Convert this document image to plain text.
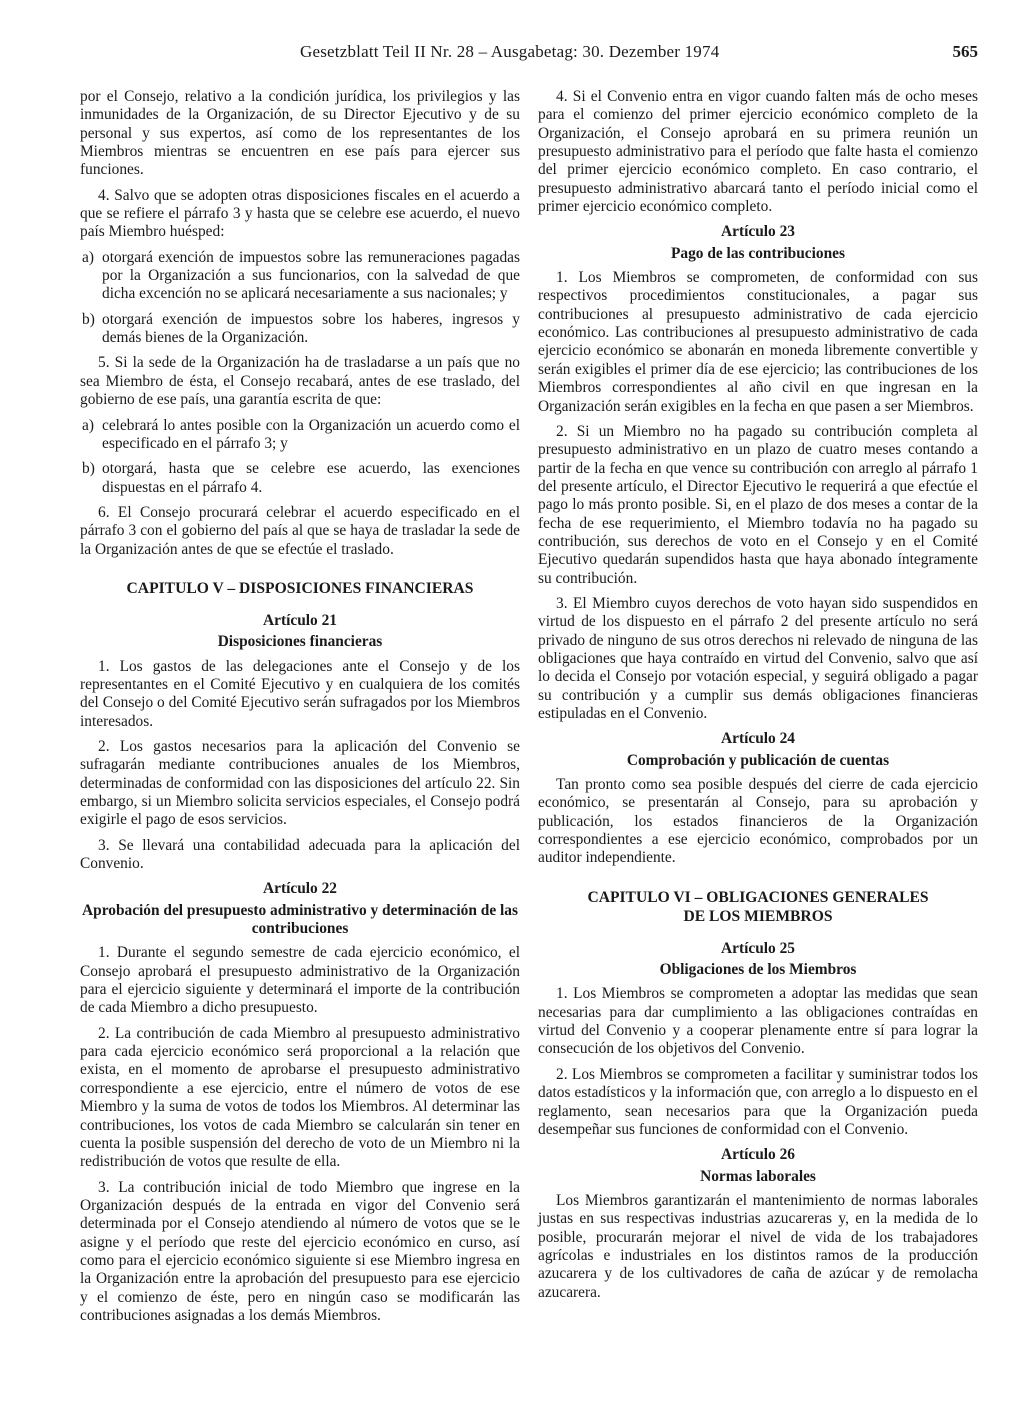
Gesetzblatt Teil II Nr. 28 – Ausgabetag: 30. Dezember 1974	565

por el Consejo, relativo a la condición jurídica, los privilegios y las inmunidades de la Organización, de su Director Ejecutivo y de su personal y sus expertos, así como de los representantes de los Miembros mientras se encuentren en ese país para ejercer sus funciones.

4. Salvo que se adopten otras disposiciones fiscales en el acuerdo a que se refiere el párrafo 3 y hasta que se celebre ese acuerdo, el nuevo país Miembro huésped:

a) otorgará exención de impuestos sobre las remuneraciones pagadas por la Organización a sus funcionarios, con la salvedad de que dicha excención no se aplicará necesariamente a sus nacionales; y

b) otorgará exención de impuestos sobre los haberes, ingresos y demás bienes de la Organización.

5. Si la sede de la Organización ha de trasladarse a un país que no sea Miembro de ésta, el Consejo recabará, antes de ese traslado, del gobierno de ese país, una garantía escrita de que:

a) celebrará lo antes posible con la Organización un acuerdo como el especificado en el párrafo 3; y

b) otorgará, hasta que se celebre ese acuerdo, las exenciones dispuestas en el párrafo 4.

6. El Consejo procurará celebrar el acuerdo especificado en el párrafo 3 con el gobierno del país al que se haya de trasladar la sede de la Organización antes de que se efectúe el traslado.

CAPITULO V – DISPOSICIONES FINANCIERAS
Artículo 21
Disposiciones financieras

1. Los gastos de las delegaciones ante el Consejo y de los representantes en el Comité Ejecutivo y en cualquiera de los comités del Consejo o del Comité Ejecutivo serán sufragados por los Miembros interesados.

2. Los gastos necesarios para la aplicación del Convenio se sufragarán mediante contribuciones anuales de los Miembros, determinadas de conformidad con las disposiciones del artículo 22. Sin embargo, si un Miembro solicita servicios especiales, el Consejo podrá exigirle el pago de esos servicios.

3. Se llevará una contabilidad adecuada para la aplicación del Convenio.

Artículo 22
Aprobación del presupuesto administrativo y determinación de las contribuciones

1. Durante el segundo semestre de cada ejercicio económico, el Consejo aprobará el presupuesto administrativo de la Organización para el ejercicio siguiente y determinará el importe de la contribución de cada Miembro a dicho presupuesto.

2. La contribución de cada Miembro al presupuesto administrativo para cada ejercicio económico será proporcional a la relación que exista, en el momento de aprobarse el presupuesto administrativo correspondiente a ese ejercicio, entre el número de votos de ese Miembro y la suma de votos de todos los Miembros. Al determinar las contribuciones, los votos de cada Miembro se calcularán sin tener en cuenta la posible suspensión del derecho de voto de un Miembro ni la redistribución de votos que resulte de ella.

3. La contribución inicial de todo Miembro que ingrese en la Organización después de la entrada en vigor del Convenio será determinada por el Consejo atendiendo al número de votos que se le asigne y el período que reste del ejercicio económico en curso, así como para el ejercicio económico siguiente si ese Miembro ingresa en la Organización entre la aprobación del presupuesto para ese ejercicio y el comienzo de éste, pero en ningún caso se modificarán las contribuciones asignadas a los demás Miembros.

4. Si el Convenio entra en vigor cuando falten más de ocho meses para el comienzo del primer ejercicio económico completo de la Organización, el Consejo aprobará en su primera reunión un presupuesto administrativo para el período que falte hasta el comienzo del primer ejercicio económico completo. En caso contrario, el presupuesto administrativo abarcará tanto el período inicial como el primer ejercicio económico completo.

Artículo 23
Pago de las contribuciones

1. Los Miembros se comprometen, de conformidad con sus respectivos procedimientos constitucionales, a pagar sus contribuciones al presupuesto administrativo de cada ejercicio económico. Las contribuciones al presupuesto administrativo de cada ejercicio económico se abonarán en moneda libremente convertible y serán exigibles el primer día de ese ejercicio; las contribuciones de los Miembros correspondientes al año civil en que ingresan en la Organización serán exigibles en la fecha en que pasen a ser Miembros.

2. Si un Miembro no ha pagado su contribución completa al presupuesto administrativo en un plazo de cuatro meses contando a partir de la fecha en que vence su contribución con arreglo al párrafo 1 del presente artículo, el Director Ejecutivo le requerirá a que efectúe el pago lo más pronto posible. Si, en el plazo de dos meses a contar de la fecha de ese requerimiento, el Miembro todavía no ha pagado su contribución, sus derechos de voto en el Consejo y en el Comité Ejecutivo quedarán supendidos hasta que haya abonado íntegramente su contribución.

3. El Miembro cuyos derechos de voto hayan sido suspendidos en virtud de los dispuesto en el párrafo 2 del presente artículo no será privado de ninguno de sus otros derechos ni relevado de ninguna de las obligaciones que haya contraído en virtud del Convenio, salvo que así lo decida el Consejo por votación especial, y seguirá obligado a pagar su contribución y a cumplir sus demás obligaciones financieras estipuladas en el Convenio.

Artículo 24
Comprobación y publicación de cuentas

Tan pronto como sea posible después del cierre de cada ejercicio económico, se presentarán al Consejo, para su aprobación y publicación, los estados financieros de la Organización correspondientes a ese ejercicio económico, comprobados por un auditor independiente.

CAPITULO VI – OBLIGACIONES GENERALES
DE LOS MIEMBROS
Artículo 25
Obligaciones de los Miembros

1. Los Miembros se comprometen a adoptar las medidas que sean necesarias para dar cumplimiento a las obligaciones contraídas en virtud del Convenio y a cooperar plenamente entre sí para lograr la consecución de los objetivos del Convenio.

2. Los Miembros se comprometen a facilitar y suministrar todos los datos estadísticos y la información que, con arreglo a lo dispuesto en el reglamento, sean necesarios para que la Organización pueda desempeñar sus funciones de conformidad con el Convenio.

Artículo 26
Normas laborales

Los Miembros garantizarán el mantenimiento de normas laborales justas en sus respectivas industrias azucareras y, en la medida de lo posible, procurarán mejorar el nivel de vida de los trabajadores agrícolas e industriales en los distintos ramos de la producción azucarera y de los cultivadores de caña de azúcar y de remolacha azucarera.
